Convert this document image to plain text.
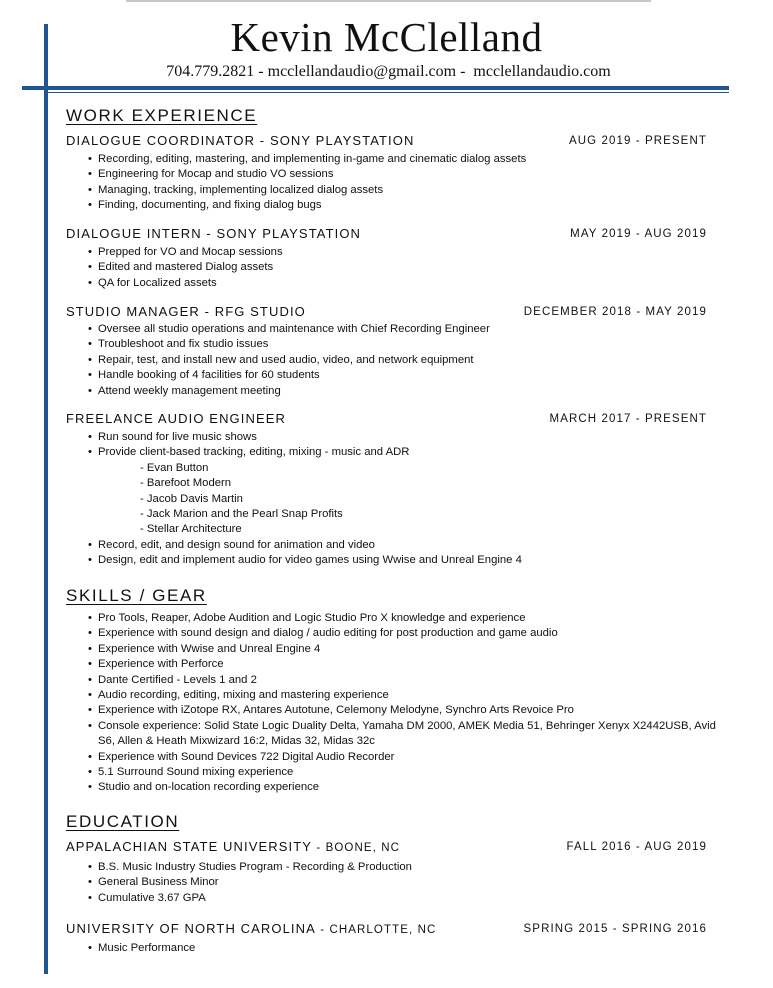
Kevin McClelland
704.779.2821 - mcclellandaudio@gmail.com -  mcclellandaudio.com
WORK EXPERIENCE
DIALOGUE COORDINATOR - SONY PLAYSTATION	AUG 2019 - PRESENT
• Recording, editing, mastering, and implementing in-game and cinematic dialog assets
• Engineering for Mocap and studio VO sessions
• Managing, tracking, implementing localized dialog assets
• Finding, documenting, and fixing dialog bugs
DIALOGUE INTERN - SONY PLAYSTATION	MAY 2019 - AUG 2019
• Prepped for VO and Mocap sessions
• Edited and mastered Dialog assets
• QA for Localized assets
STUDIO MANAGER - RFG STUDIO	DECEMBER 2018 - MAY 2019
• Oversee all studio operations and maintenance with Chief Recording Engineer
• Troubleshoot and fix studio issues
• Repair, test, and install new and used audio, video, and network equipment
• Handle booking of 4 facilities for 60 students
• Attend weekly management meeting
FREELANCE AUDIO ENGINEER	MARCH 2017 - PRESENT
• Run sound for live music shows
• Provide client-based tracking, editing, mixing - music and ADR
- Evan Button
- Barefoot Modern
- Jacob Davis Martin
- Jack Marion and the Pearl Snap Profits
- Stellar Architecture
• Record, edit, and design sound for animation and video
• Design, edit and implement audio for video games using Wwise and Unreal Engine 4
SKILLS / GEAR
• Pro Tools, Reaper, Adobe Audition and Logic Studio Pro X knowledge and experience
• Experience with sound design and dialog / audio editing for post production and game audio
• Experience with Wwise and Unreal Engine 4
• Experience with Perforce
• Dante Certified - Levels 1 and 2
• Audio recording, editing, mixing and mastering experience
• Experience with iZotope RX, Antares Autotune, Celemony Melodyne, Synchro Arts Revoice Pro
• Console experience: Solid State Logic Duality Delta, Yamaha DM 2000, AMEK Media 51, Behringer Xenyx X2442USB, Avid S6, Allen & Heath Mixwizard 16:2, Midas 32, Midas 32c
• Experience with Sound Devices 722 Digital Audio Recorder
• 5.1 Surround Sound mixing experience
• Studio and on-location recording experience
EDUCATION
APPALACHIAN STATE UNIVERSITY - BOONE, NC	FALL 2016 - AUG 2019
• B.S. Music Industry Studies Program - Recording & Production
• General Business Minor
• Cumulative 3.67 GPA
UNIVERSITY OF NORTH CAROLINA - CHARLOTTE, NC	SPRING 2015 - SPRING 2016
• Music Performance
